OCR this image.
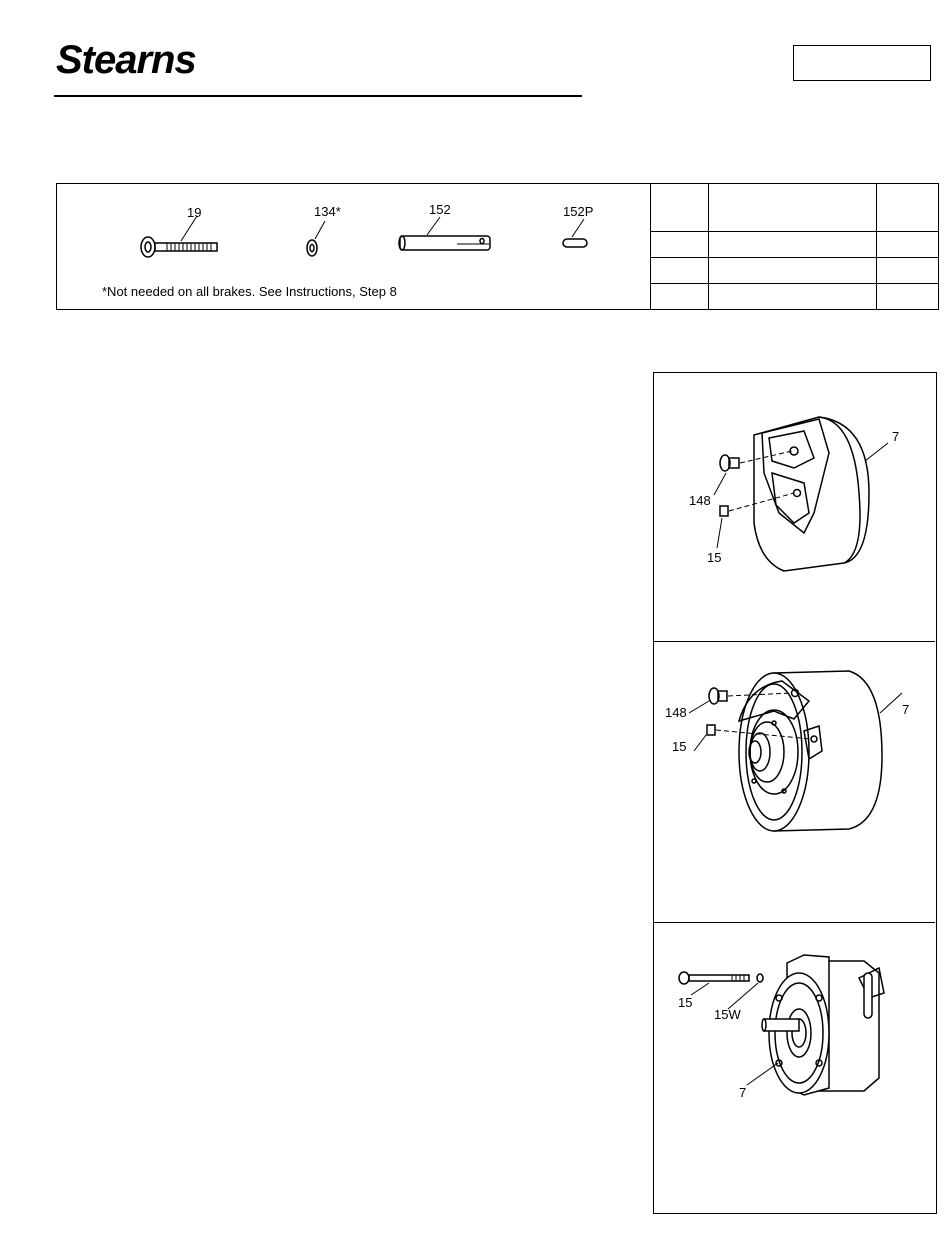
Stearns
19	134*	152	152P
*Not needed on all brakes. See Instructions, Step 8

7
148
15
148	7
15
15
15W
7
